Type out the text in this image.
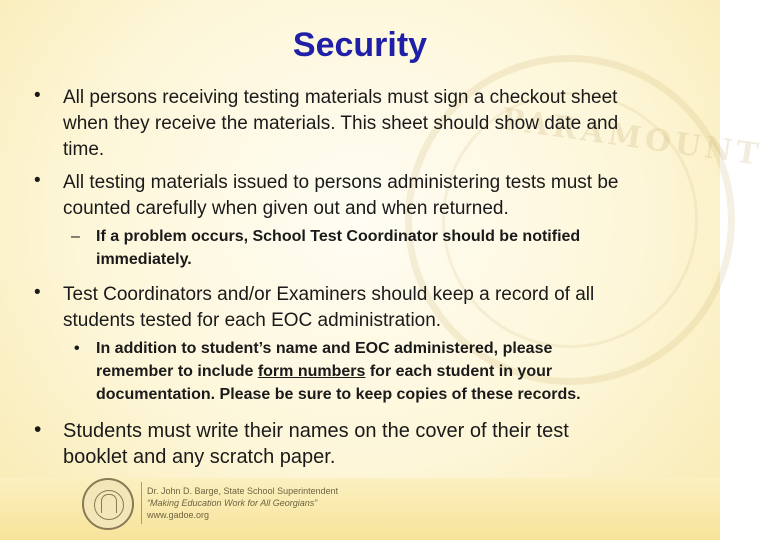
PARAMOUNT
Security
• All persons receiving testing materials must sign a checkout sheet
when they receive the materials. This sheet should show date and
time.
• All testing materials issued to persons administering tests must be
counted carefully when given out and when returned.
– If a problem occurs, School Test Coordinator should be notified
immediately.
• Test Coordinators and/or Examiners should keep a record of all
students tested for each EOC administration.
• In addition to student’s name and EOC administered, please
remember to include form numbers for each student in your
documentation. Please be sure to keep copies of these records.
• Students must write their names on the cover of their test
booklet and any scratch paper.
Dr. John D. Barge, State School Superintendent
“Making Education Work for All Georgians”
www.gadoe.org
